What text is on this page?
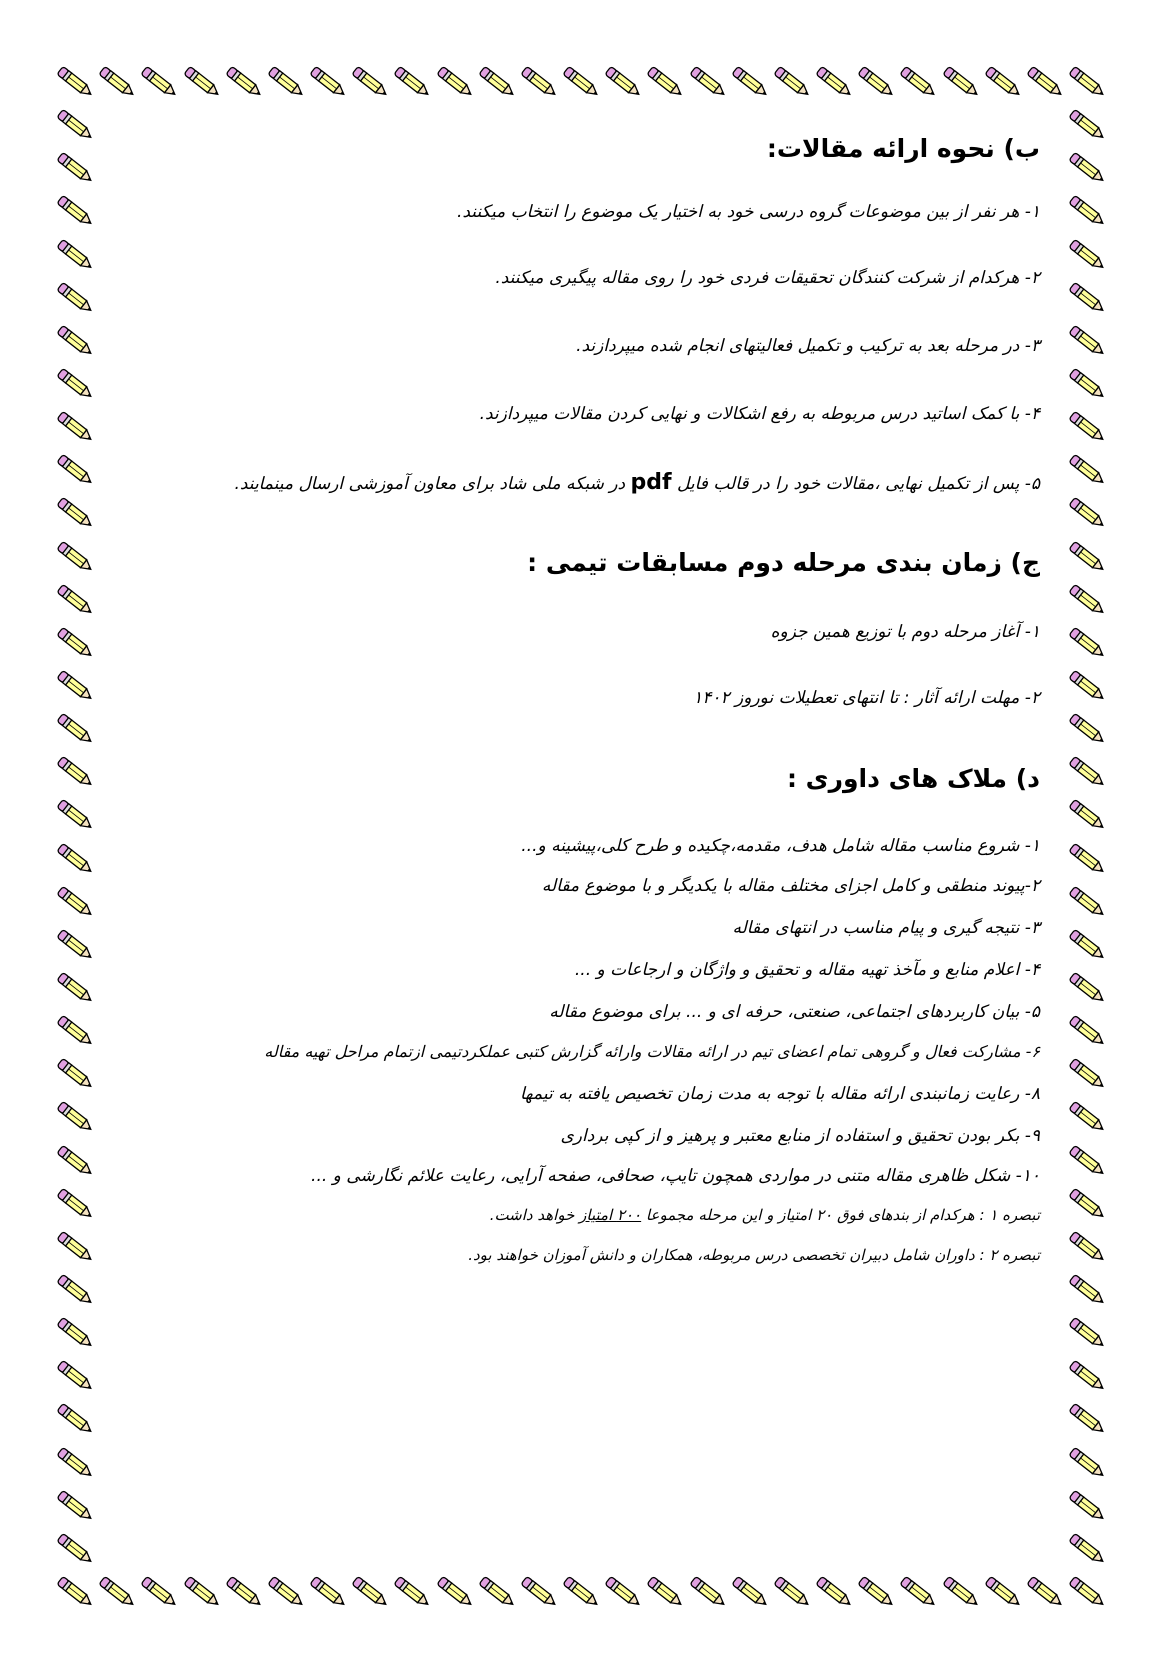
ب) نحوه ارائه مقالات:
۱- هر نفر از بین موضوعات گروه درسی خود به اختیار یک موضوع را انتخاب میکنند.
۲- هرکدام از شرکت کنندگان تحقیقات فردی خود را روی مقاله پیگیری میکنند.
۳- در مرحله بعد به ترکیب و تکمیل فعالیتهای انجام شده میپردازند.
۴- با کمک اساتید درس مربوطه به رفع اشکالات و نهایی کردن مقالات میپردازند.
۵- پس از تکمیل نهایی ،مقالات خود را در قالب فایل pdf در شبکه ملی شاد برای معاون آموزشی ارسال مینمایند.
ج) زمان بندی مرحله دوم مسابقات تیمی :
۱- آغاز مرحله دوم با توزیع همین جزوه
۲- مهلت ارائه آثار : تا انتهای تعطیلات نوروز ۱۴۰۲
د) ملاک های داوری :
۱- شروع مناسب مقاله شامل هدف، مقدمه،چکیده و طرح کلی،پیشینه و...
۲-پیوند منطقی و کامل اجزای مختلف مقاله با یکدیگر و با موضوع مقاله
۳- نتیجه گیری و پیام مناسب در انتهای مقاله
۴- اعلام منابع و مآخذ تهیه مقاله و تحقیق و واژگان و ارجاعات و ...
۵- بیان کاربردهای اجتماعی، صنعتی، حرفه ای و ... برای موضوع مقاله
۶- مشارکت فعال و گروهی تمام اعضای تیم در ارائه مقالات وارائه گزارش کتبی عملکردتیمی ازتمام مراحل تهیه مقاله
۸- رعایت زمانبندی ارائه مقاله با توجه به مدت زمان تخصیص یافته به تیمها
۹- بکر بودن تحقیق و استفاده از منابع معتبر و پرهیز و از کپی برداری
۱۰- شکل ظاهری مقاله متنی در مواردی همچون تایپ، صحافی، صفحه آرایی، رعایت علائم نگارشی و ...
تبصره ۱ : هرکدام از بندهای فوق ۲۰ امتیاز و این مرحله مجموعا ۲۰۰ امتیاز خواهد داشت.
تبصره ۲ : داوران شامل دبیران تخصصی درس مربوطه، همکاران و دانش آموزان خواهند بود.
